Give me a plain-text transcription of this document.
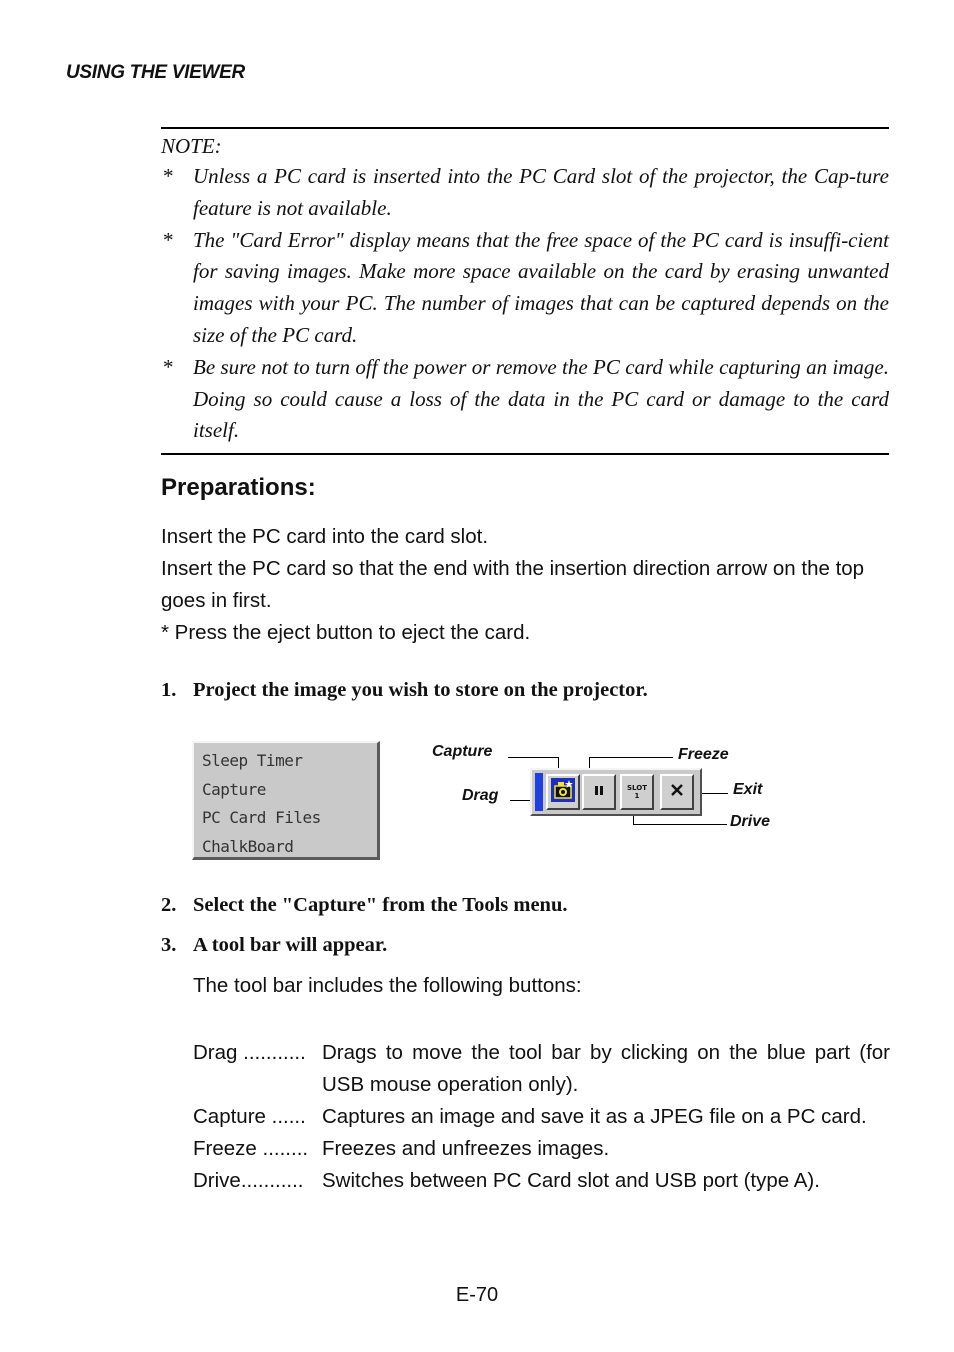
USING THE VIEWER
NOTE:
* Unless a PC card is inserted into the PC Card slot of the projector, the Cap-ture feature is not available.
* The "Card Error" display means that the free space of the PC card is insuffi-cient for saving images. Make more space available on the card by erasing unwanted images with your PC. The number of images that can be captured depends on the size of the PC card.
* Be sure not to turn off the power or remove the PC card while capturing an image. Doing so could cause a loss of the data in the PC card or damage to the card itself.
Preparations:

Insert the PC card into the card slot.

Insert the PC card so that the end with the insertion direction arrow on the top goes in first.

* Press the eject button to eject the card.

1. Project the image you wish to store on the projector.
Sleep Timer
Capture
PC Card Files
ChalkBoard
Capture
Drag
Freeze
Exit
Drive
SLOT
1
2. Select the "Capture" from the Tools menu.
3. A tool bar will appear.
The tool bar includes the following buttons:
Drag ........... Drags to move the tool bar by clicking on the blue part (for USB mouse operation only).
Capture ...... Captures an image and save it as a JPEG file on a PC card.
Freeze ........ Freezes and unfreezes images.
Drive........... Switches between PC Card slot and USB port (type A).
E-70
